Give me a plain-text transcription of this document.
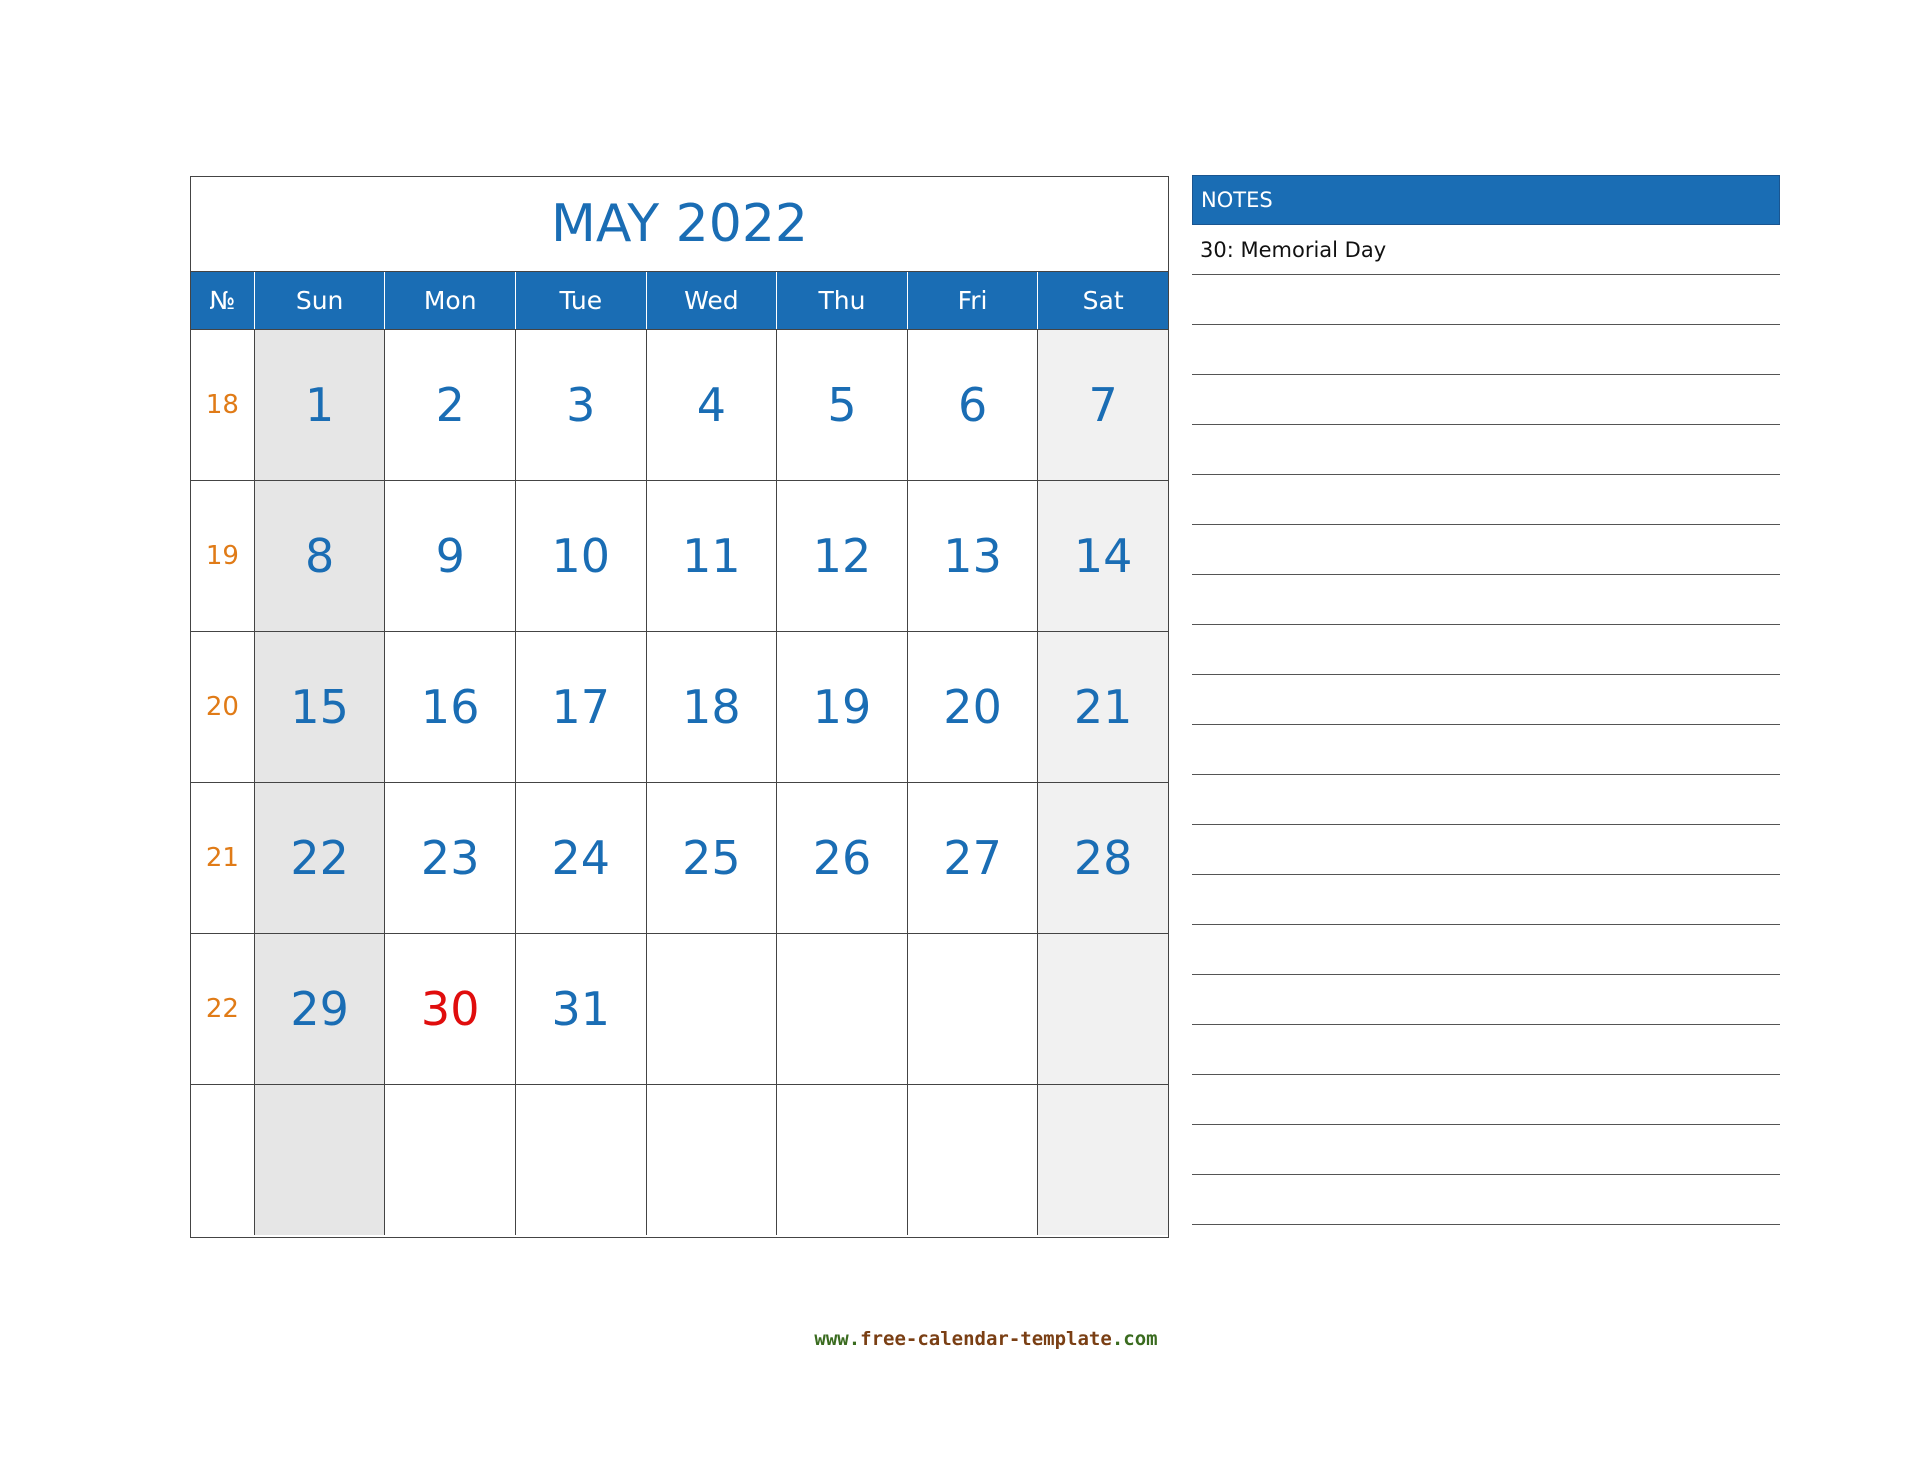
MAY 2022
№	Sun	Mon	Tue	Wed	Thu	Fri	Sat
18	1	2	3	4	5	6	7
19	8	9	10	11	12	13	14
20	15	16	17	18	19	20	21
21	22	23	24	25	26	27	28
22	29	30	31
NOTES
30: Memorial Day
www.free-calendar-template.com
